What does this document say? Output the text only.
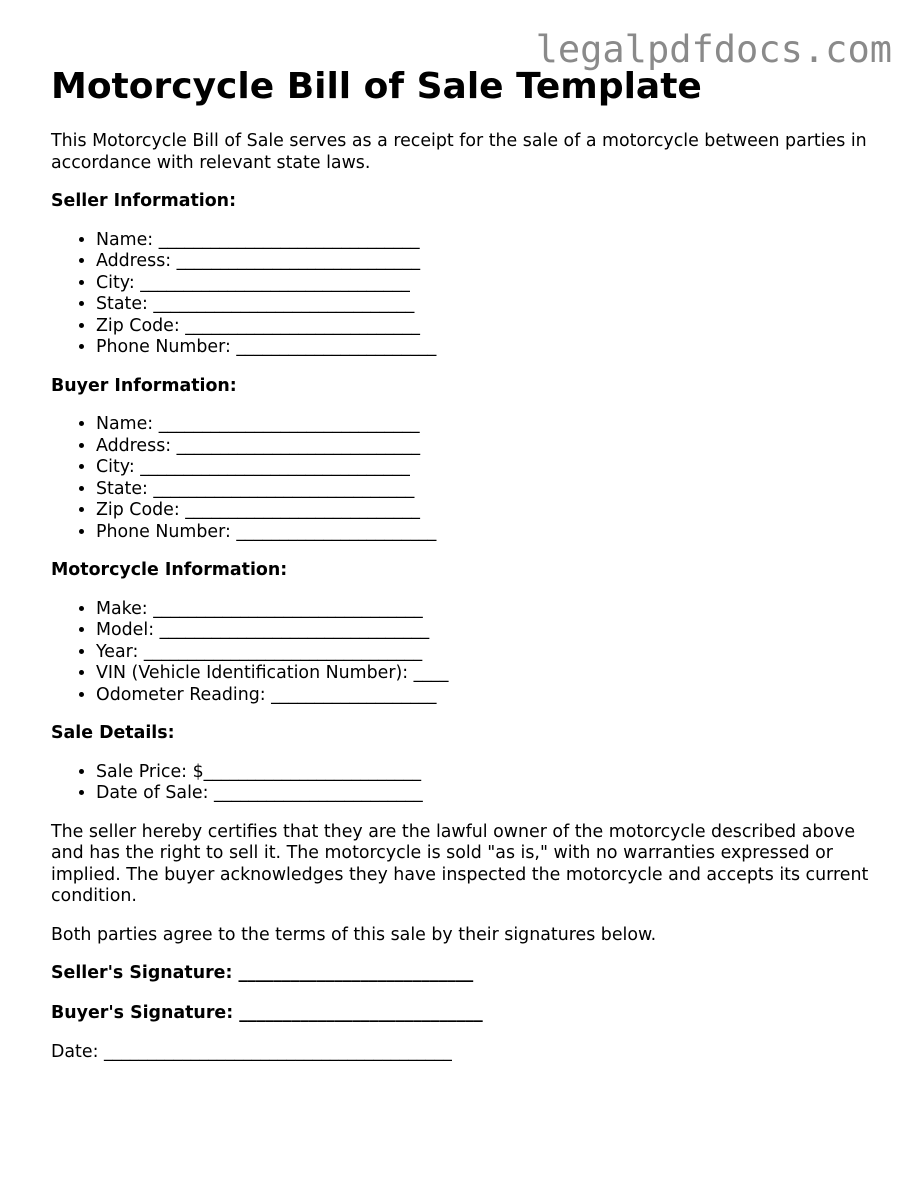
legalpdfdocs.com
Motorcycle Bill of Sale Template

This Motorcycle Bill of Sale serves as a receipt for the sale of a motorcycle between parties in accordance with relevant state laws.

Seller Information:
• Name: ______________________________
• Address: ____________________________
• City: _______________________________
• State: ______________________________
• Zip Code: ___________________________
• Phone Number: _______________________
Buyer Information:
• Name: ______________________________
• Address: ____________________________
• City: _______________________________
• State: ______________________________
• Zip Code: ___________________________
• Phone Number: _______________________
Motorcycle Information:
• Make: _______________________________
• Model: _______________________________
• Year: ________________________________
• VIN (Vehicle Identification Number): ____
• Odometer Reading: ___________________
Sale Details:
• Sale Price: $_________________________
• Date of Sale: ________________________

The seller hereby certifies that they are the lawful owner of the motorcycle described above and has the right to sell it. The motorcycle is sold "as is," with no warranties expressed or implied. The buyer acknowledges they have inspected the motorcycle and accepts its current condition.

Both parties agree to the terms of this sale by their signatures below.

Seller's Signature: ___________________________
Buyer's Signature: ____________________________
Date: ________________________________________
